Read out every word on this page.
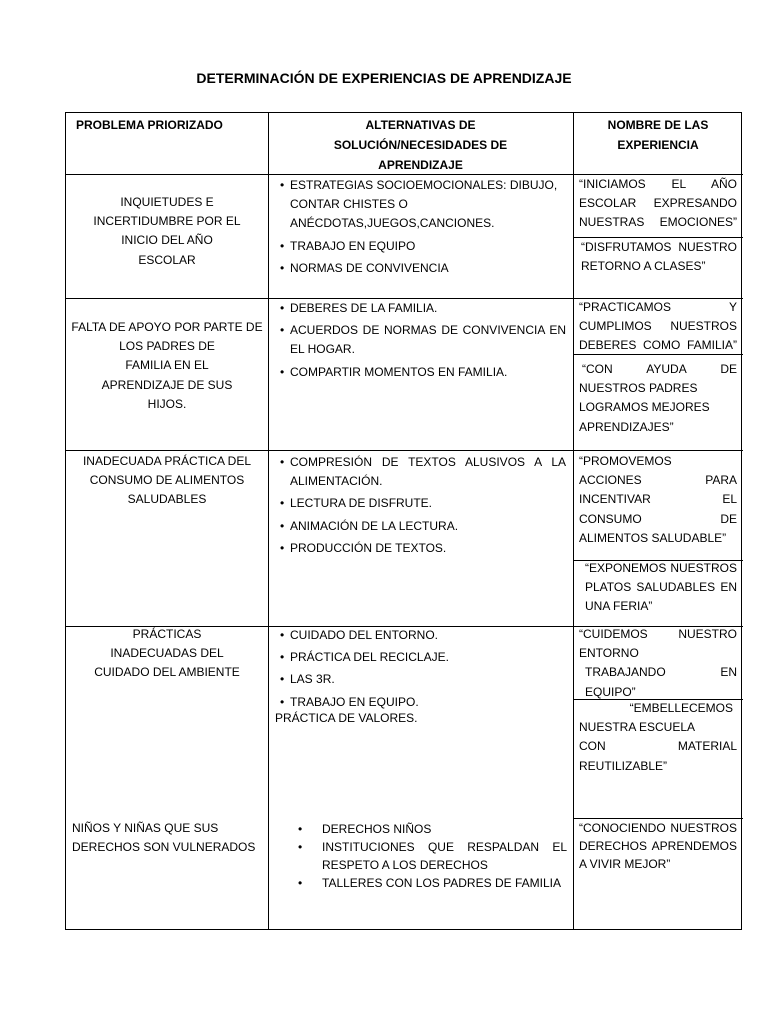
DETERMINACIÓN DE EXPERIENCIAS DE APRENDIZAJE
PROBLEMA PRIORIZADO	ALTERNATIVAS DE
SOLUCIÓN/NECESIDADES DE
APRENDIZAJE
NOMBRE DE LAS
EXPERIENCIA
INQUIETUDES E
INCERTIDUMBRE POR EL
INICIO DEL AÑO
ESCOLAR
• ESTRATEGIAS SOCIOEMOCIONALES: DIBUJO,
CONTAR CHISTES O
ANÉCDOTAS,JUEGOS,CANCIONES.
• TRABAJO EN EQUIPO
• NORMAS DE CONVIVENCIA
“INICIAMOS EL AÑO
ESCOLAR EXPRESANDO
NUESTRAS EMOCIONES”
“DISFRUTAMOS NUESTRO
RETORNO A CLASES”
FALTA DE APOYO POR PARTE DE
LOS PADRES DE
FAMILIA EN EL
APRENDIZAJE DE SUS
HIJOS.
• DEBERES DE LA FAMILIA.
• ACUERDOS DE NORMAS DE CONVIVENCIA EN
EL HOGAR.
• COMPARTIR MOMENTOS EN FAMILIA.
“PRACTICAMOS Y
CUMPLIMOS NUESTROS
DEBERES COMO FAMILIA”
“CON AYUDA DE
NUESTROS PADRES
LOGRAMOS MEJORES
APRENDIZAJES”
INADECUADA PRÁCTICA DEL
CONSUMO DE ALIMENTOS
SALUDABLES
• COMPRESIÓN DE TEXTOS ALUSIVOS A LA
ALIMENTACIÓN.
• LECTURA DE DISFRUTE.
• ANIMACIÓN DE LA LECTURA.
• PRODUCCIÓN DE TEXTOS.
“PROMOVEMOS
ACCIONES PARA
INCENTIVAR EL
CONSUMO DE
ALIMENTOS SALUDABLE”
“EXPONEMOS NUESTROS
PLATOS SALUDABLES EN
UNA FERIA”
PRÁCTICAS
INADECUADAS DEL
CUIDADO DEL AMBIENTE
NIÑOS Y NIÑAS QUE SUS
DERECHOS SON VULNERADOS
• CUIDADO DEL ENTORNO.
• PRÁCTICA DEL RECICLAJE.
• LAS 3R.
• TRABAJO EN EQUIPO.
PRÁCTICA DE VALORES.
• DERECHOS NIÑOS
• INSTITUCIONES QUE RESPALDAN EL
RESPETO A LOS DERECHOS
• TALLERES CON LOS PADRES DE FAMILIA
“CUIDEMOS NUESTRO
ENTORNO
TRABAJANDO EN
EQUIPO”
“EMBELLECEMOS
NUESTRA ESCUELA
CON MATERIAL
REUTILIZABLE”
“CONOCIENDO NUESTROS
DERECHOS APRENDEMOS
A VIVIR MEJOR”
